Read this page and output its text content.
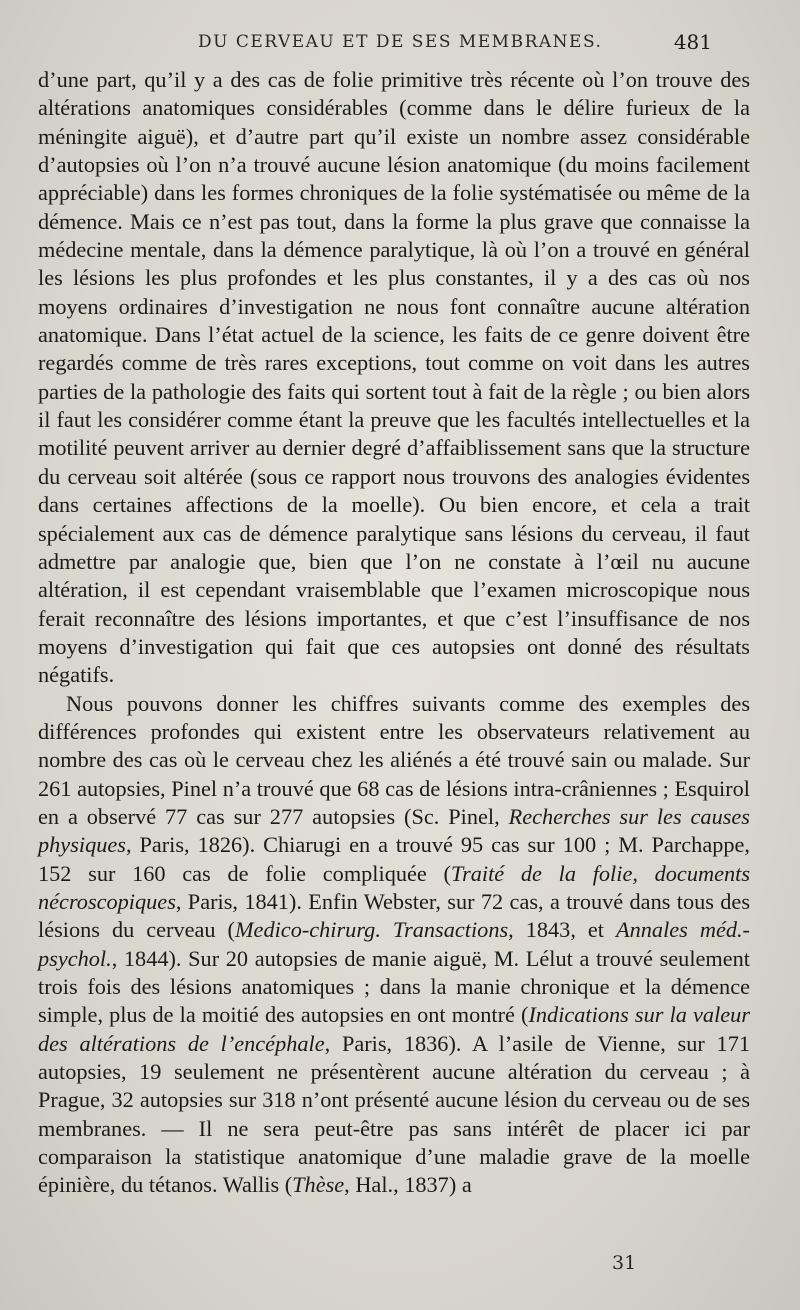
DU CERVEAU ET DE SES MEMBRANES.	481

d’une part, qu’il y a des cas de folie primitive très récente où l’on trouve des altérations anatomiques considérables (comme dans le délire furieux de la méningite aiguë), et d’autre part qu’il existe un nombre assez considérable d’autopsies où l’on n’a trouvé aucune lésion anatomique (du moins facilement appréciable) dans les formes chroniques de la folie systématisée ou même de la démence. Mais ce n’est pas tout, dans la forme la plus grave que connaisse la médecine mentale, dans la démence paralytique, là où l’on a trouvé en général les lésions les plus profondes et les plus constantes, il y a des cas où nos moyens ordinaires d’investigation ne nous font connaître aucune altération anatomique. Dans l’état actuel de la science, les faits de ce genre doivent être regardés comme de très rares exceptions, tout comme on voit dans les autres parties de la pathologie des faits qui sortent tout à fait de la règle ; ou bien alors il faut les considérer comme étant la preuve que les facultés intellectuelles et la motilité peuvent arriver au dernier degré d’affaiblissement sans que la structure du cerveau soit altérée (sous ce rapport nous trouvons des analogies évidentes dans certaines affections de la moelle). Ou bien encore, et cela a trait spécialement aux cas de démence paralytique sans lésions du cerveau, il faut admettre par analogie que, bien que l’on ne constate à l’œil nu aucune altération, il est cependant vraisemblable que l’examen microscopique nous ferait reconnaître des lésions importantes, et que c’est l’insuffisance de nos moyens d’investigation qui fait que ces autopsies ont donné des résultats négatifs.

Nous pouvons donner les chiffres suivants comme des exemples des différences profondes qui existent entre les observateurs relativement au nombre des cas où le cerveau chez les aliénés a été trouvé sain ou malade. Sur 261 autopsies, Pinel n’a trouvé que 68 cas de lésions intra-crâniennes ; Esquirol en a observé 77 cas sur 277 autopsies (Sc. Pinel, Recherches sur les causes physiques, Paris, 1826). Chiarugi en a trouvé 95 cas sur 100 ; M. Parchappe, 152 sur 160 cas de folie compliquée (Traité de la folie, documents nécroscopiques, Paris, 1841). Enfin Webster, sur 72 cas, a trouvé dans tous des lésions du cerveau (Medico-chirurg. Transactions, 1843, et Annales méd.-psychol., 1844). Sur 20 autopsies de manie aiguë, M. Lélut a trouvé seulement trois fois des lésions anatomiques ; dans la manie chronique et la démence simple, plus de la moitié des autopsies en ont montré (Indications sur la valeur des altérations de l’encéphale, Paris, 1836). A l’asile de Vienne, sur 171 autopsies, 19 seulement ne présentèrent aucune altération du cerveau ; à Prague, 32 autopsies sur 318 n’ont présenté aucune lésion du cerveau ou de ses membranes. — Il ne sera peut-être pas sans intérêt de placer ici par comparaison la statistique anatomique d’une maladie grave de la moelle épinière, du tétanos. Wallis (Thèse, Hal., 1837) a

31
